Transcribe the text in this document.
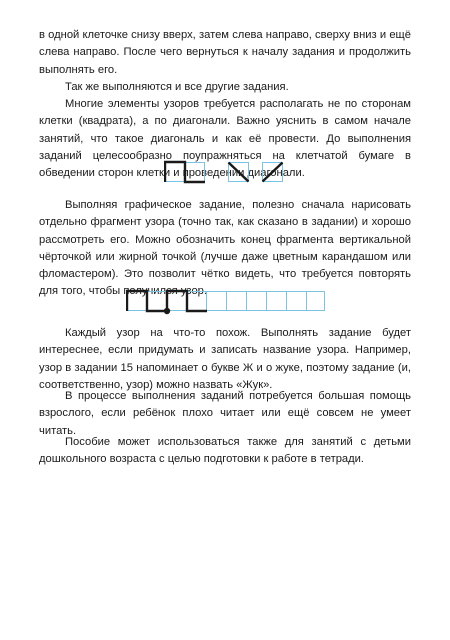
в одной клеточке снизу вверх, затем слева направо, сверху вниз и ещё слева направо. После чего вернуться к началу задания и продолжить выполнять его.

Так же выполняются и все другие задания.

Многие элементы узоров требуется располагать не по сторонам клетки (квадрата), а по диагонали. Важно уяснить в самом начале занятий, что такое диагональ и как её провести. До выполнения заданий целесообразно поупражняться на клетчатой бумаге в обведении сторон клетки и проведении диагонали.

Выполняя графическое задание, полезно сначала нарисовать отдельно фрагмент узора (точно так, как сказано в задании) и хорошо рассмотреть его. Можно обозначить конец фрагмента вертикальной чёрточкой или жирной точкой (лучше даже цветным карандашом или фломастером). Это позволит чётко видеть, что требуется повторять для того, чтобы получился узор.

Каждый узор на что-то похож. Выполнять задание будет интереснее, если придумать и записать название узора. Например, узор в задании 15 напоминает о букве Ж и о жуке, поэтому задание (и, соответственно, узор) можно назвать «Жук».

В процессе выполнения заданий потребуется большая помощь взрослого, если ребёнок плохо читает или ещё совсем не умеет читать.

Пособие может использоваться также для занятий с детьми дошкольного возраста с целью подготовки к работе в тетради.
